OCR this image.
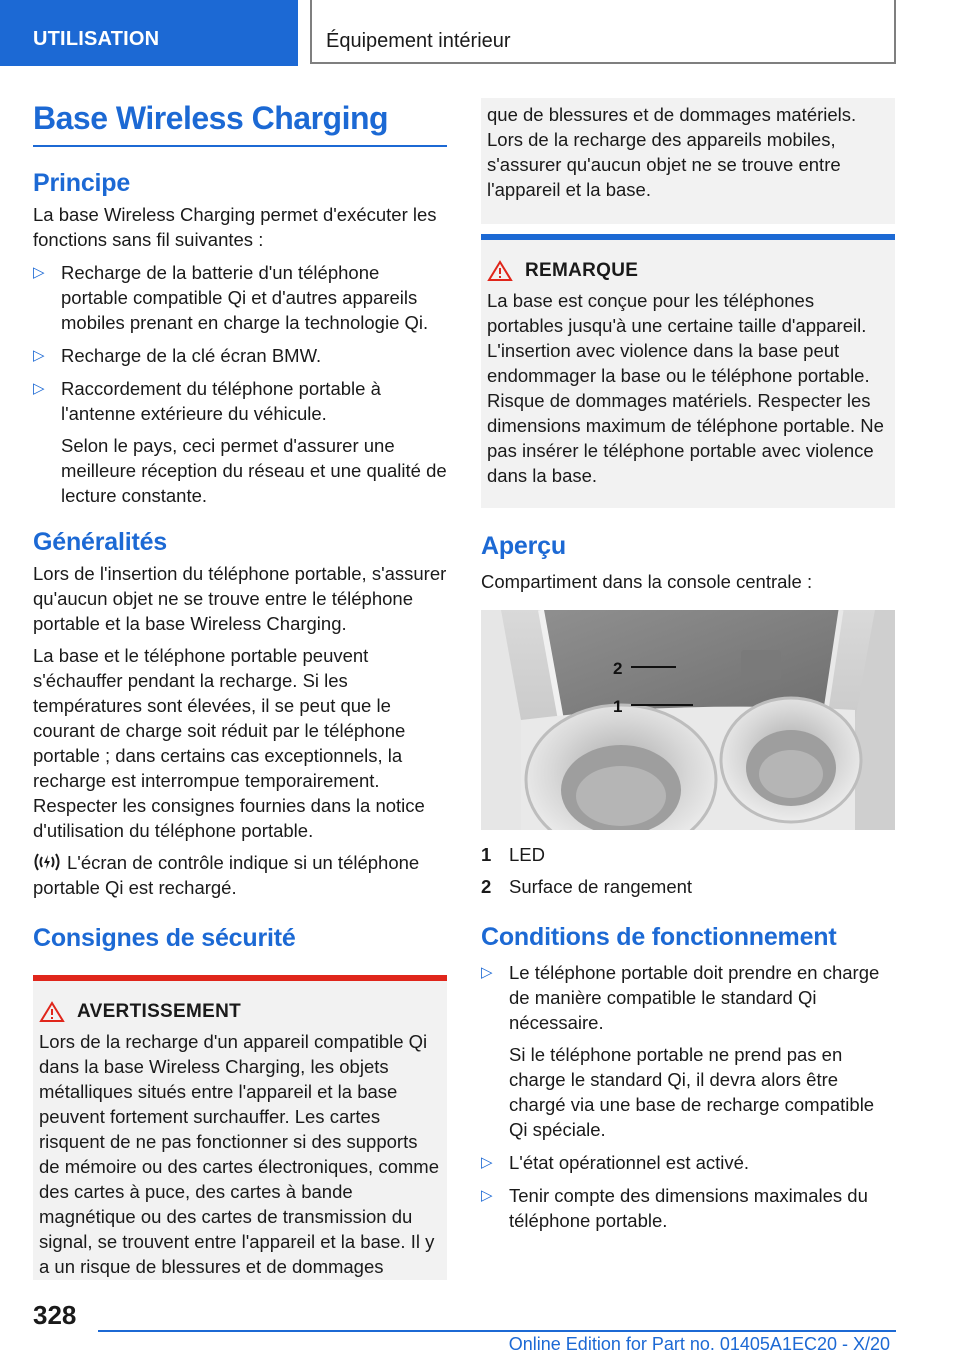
UTILISATION	Équipement intérieur
Base Wireless Charging
Principe

La base Wireless Charging permet d'exécuter les fonctions sans fil suivantes :

▷ Recharge de la batterie d'un téléphone portable compatible Qi et d'autres appareils mobiles prenant en charge la technologie Qi.
▷ Recharge de la clé écran BMW.
▷ Raccordement du téléphone portable à l'antenne extérieure du véhicule.
Selon le pays, ceci permet d'assurer une meilleure réception du réseau et une qualité de lecture constante.
Généralités

Lors de l'insertion du téléphone portable, s'assurer qu'aucun objet ne se trouve entre le téléphone portable et la base Wireless Charging.

La base et le téléphone portable peuvent s'échauffer pendant la recharge. Si les températures sont élevées, il se peut que le courant de charge soit réduit par le téléphone portable ; dans certains cas exceptionnels, la recharge est interrompue temporairement. Respecter les consignes fournies dans la notice d'utilisation du téléphone portable.

L'écran de contrôle indique si un téléphone portable Qi est rechargé.

Consignes de sécurité
AVERTISSEMENT

Lors de la recharge d'un appareil compatible Qi dans la base Wireless Charging, les objets métalliques situés entre l'appareil et la base peuvent fortement surchauffer. Les cartes risquent de ne pas fonctionner si des supports de mémoire ou des cartes électroniques, comme des cartes à puce, des cartes à bande magnétique ou des cartes de transmission du signal, se trouvent entre l'appareil et la base. Il y a un risque de blessures et de dommages

que de blessures et de dommages matériels. Lors de la recharge des appareils mobiles, s'assurer qu'aucun objet ne se trouve entre l'appareil et la base.

REMARQUE

La base est conçue pour les téléphones portables jusqu'à une certaine taille d'appareil. L'insertion avec violence dans la base peut endommager la base ou le téléphone portable. Risque de dommages matériels. Respecter les dimensions maximum de téléphone portable. Ne pas insérer le téléphone portable avec violence dans la base.

Aperçu

Compartiment dans la console centrale :

2
1
1 LED
2 Surface de rangement
Conditions de fonctionnement
▷ Le téléphone portable doit prendre en charge de manière compatible le standard Qi nécessaire.
Si le téléphone portable ne prend pas en charge le standard Qi, il devra alors être chargé via une base de recharge compatible Qi spéciale.
▷ L'état opérationnel est activé.
▷ Tenir compte des dimensions maximales du téléphone portable.
328
Online Edition for Part no. 01405A1EC20 - X/20
